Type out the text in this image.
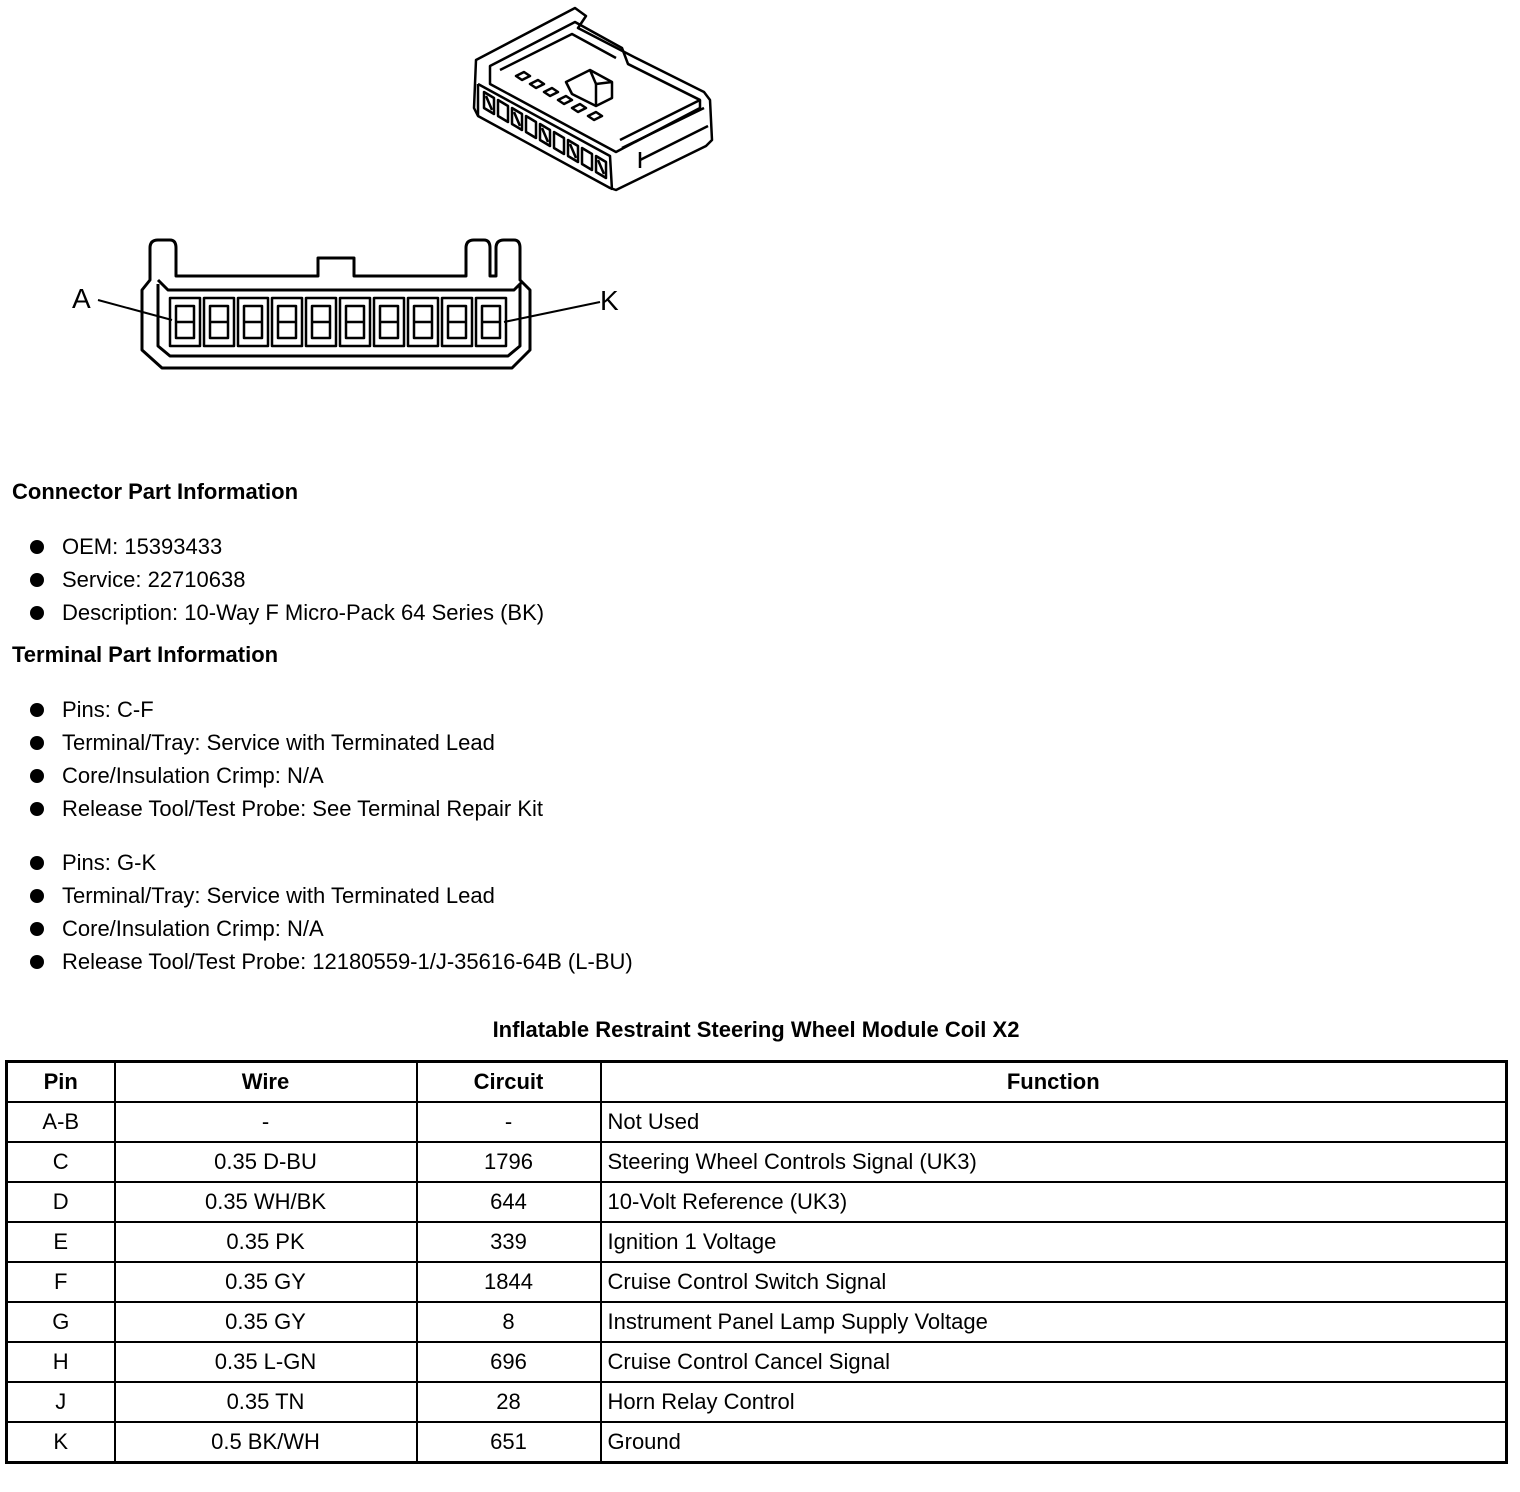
A	K
Connector Part Information
OEM: 15393433
Service: 22710638
Description: 10-Way F Micro-Pack 64 Series (BK)
Terminal Part Information
Pins: C-F
Terminal/Tray: Service with Terminated Lead
Core/Insulation Crimp: N/A
Release Tool/Test Probe: See Terminal Repair Kit
Pins: G-K
Terminal/Tray: Service with Terminated Lead
Core/Insulation Crimp: N/A
Release Tool/Test Probe: 12180559-1/J-35616-64B (L-BU)
Inflatable Restraint Steering Wheel Module Coil X2
Pin	Wire	Circuit	Function
A-B	-	-	Not Used
C	0.35 D-BU	1796	Steering Wheel Controls Signal (UK3)
D	0.35 WH/BK	644	10-Volt Reference (UK3)
E	0.35 PK	339	Ignition 1 Voltage
F	0.35 GY	1844	Cruise Control Switch Signal
G	0.35 GY	8	Instrument Panel Lamp Supply Voltage
H	0.35 L-GN	696	Cruise Control Cancel Signal
J	0.35 TN	28	Horn Relay Control
K	0.5 BK/WH	651	Ground
